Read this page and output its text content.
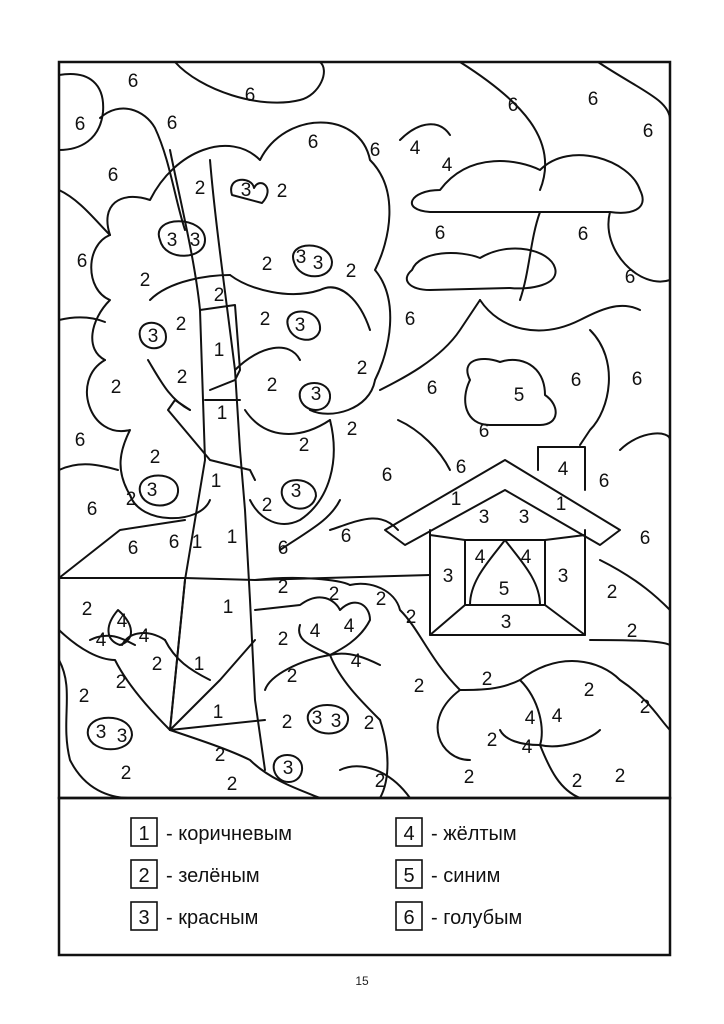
6
6
6	6
6	6
6	6
6
6
4
4
2 3 2
3 3	6	6
6	2 3 3 2
2	6
2
2 3	6
3
2
1
2	2	2 3
2
6	5
6	6
1
2	6
6	2
2
6	6	4
6
1
2 3
2
3	1	1
6	3 3
6	6
6 6 1 1
6	4 4
3	3
5
2	2
2
4
1
2 2
2	3
4 4	2 4 4	2
2 1	4
2	2	2	2
2
2
1	2
3 3
2 3 3 2	4 4
2 4
2
2	3	2
2	2	2 2
1 - коричневым
2 - зелёным
3 - красным
4 - жёлтым
5 - синим
6 - голубым
15
